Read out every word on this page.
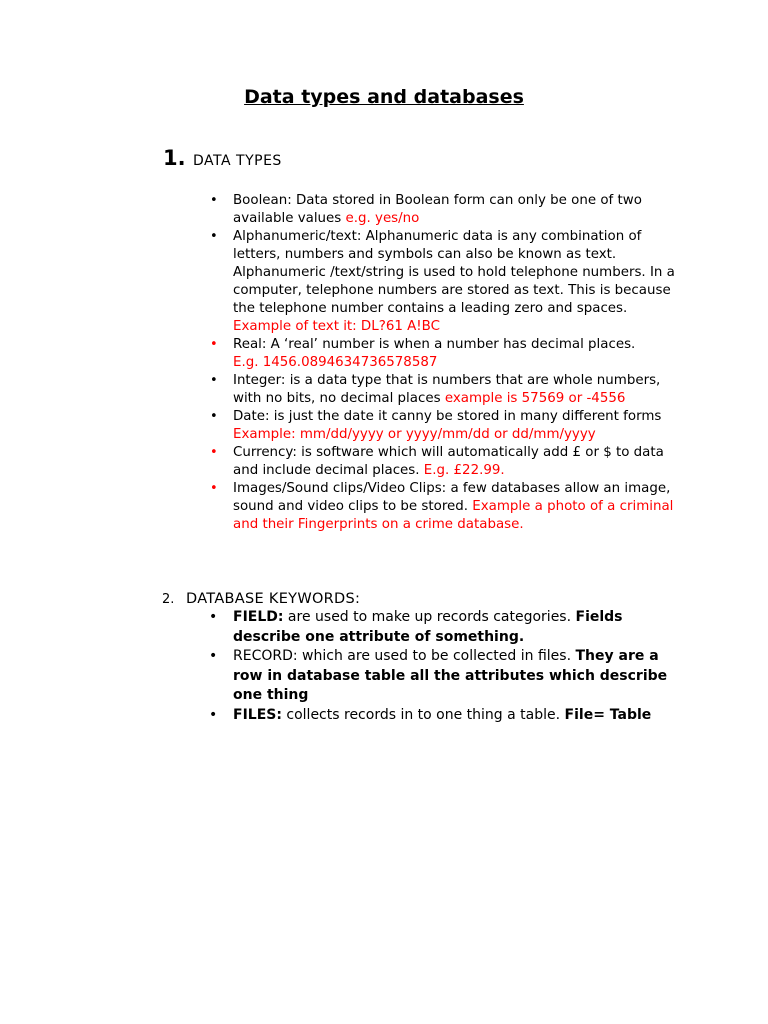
Data types and databases
1. DATA TYPES
• Boolean: Data stored in Boolean form can only be one of two available values e.g. yes/no
• Alphanumeric/text: Alphanumeric data is any combination of letters, numbers and symbols can also be known as text. Alphanumeric /text/string is used to hold telephone numbers. In a computer, telephone numbers are stored as text. This is because the telephone number contains a leading zero and spaces.
Example of text it: DL?61 A!BC
• Real: A ‘real’ number is when a number has decimal places.
E.g. 1456.0894634736578587
• Integer: is a data type that is numbers that are whole numbers, with no bits, no decimal places example is 57569 or -4556
• Date: is just the date it canny be stored in many different forms
Example: mm/dd/yyyy or yyyy/mm/dd or dd/mm/yyyy
• Currency: is software which will automatically add £ or $ to data and include decimal places. E.g. £22.99.
• Images/Sound clips/Video Clips: a few databases allow an image, sound and video clips to be stored. Example a photo of a criminal and their Fingerprints on a crime database.
2. DATABASE KEYWORDS:
• FIELD: are used to make up records categories. Fields describe one attribute of something.
• RECORD: which are used to be collected in files. They are a row in database table all the attributes which describe one thing
• FILES: collects records in to one thing a table. File= Table
